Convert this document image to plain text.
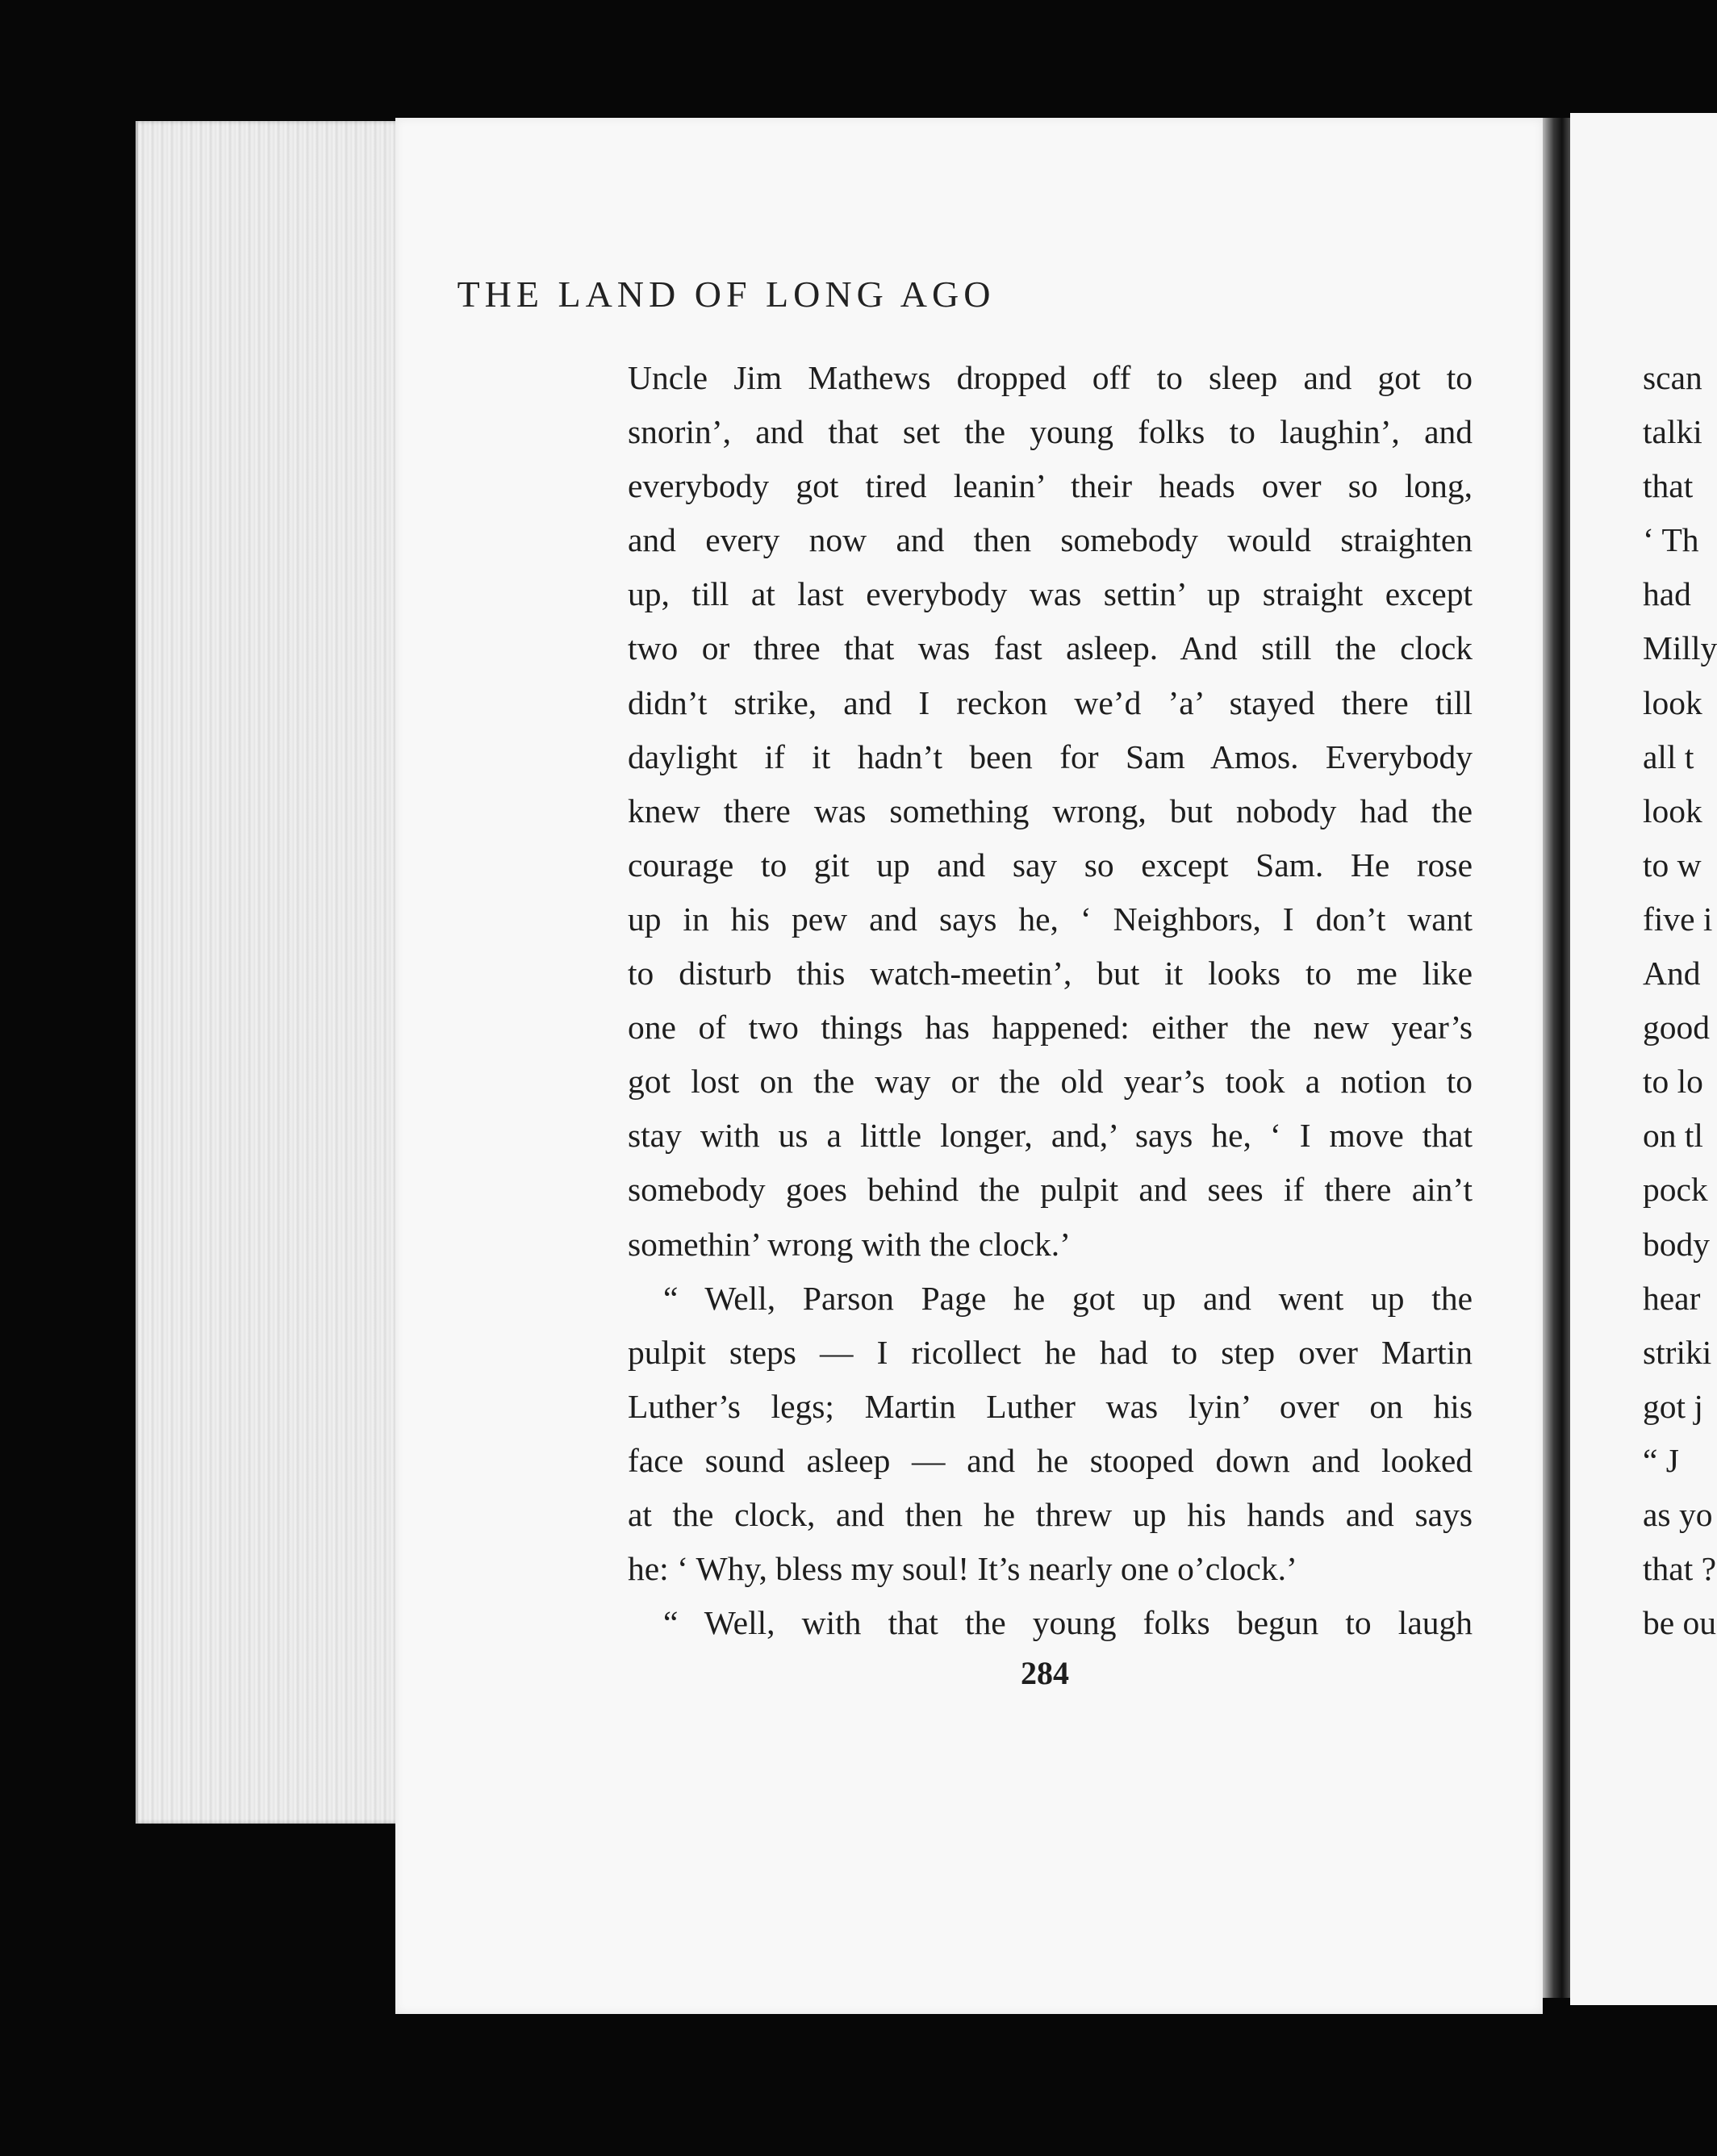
THE LAND OF LONG AGO
Uncle Jim Mathews dropped off to sleep and got to
snorin’, and that set the young folks to laughin’, and
everybody got tired leanin’ their heads over so long,
and every now and then somebody would straighten
up, till at last everybody was settin’ up straight except
two or three that was fast asleep. And still the clock
didn’t strike, and I reckon we’d ’a’ stayed there till
daylight if it hadn’t been for Sam Amos. Everybody
knew there was something wrong, but nobody had the
courage to git up and say so except Sam. He rose
up in his pew and says he, ‘ Neighbors, I don’t want
to disturb this watch-meetin’, but it looks to me like
one of two things has happened: either the new year’s
got lost on the way or the old year’s took a notion to
stay with us a little longer, and,’ says he, ‘ I move that
somebody goes behind the pulpit and sees if there ain’t
somethin’ wrong with the clock.’
“ Well, Parson Page he got up and went up the
pulpit steps — I ricollect he had to step over Martin
Luther’s legs; Martin Luther was lyin’ over on his
face sound asleep — and he stooped down and looked
at the clock, and then he threw up his hands and says
he: ‘ Why, bless my soul! It’s nearly one o’clock.’
“ Well, with that the young folks begun to laugh
284
scan
talki
that
‘ Th
had
Milly
look
all t
look
to w
five i
And
good
to lo
on tl
pock
body
hear
striki
got j
“ J
as yo
that ?
be ou
